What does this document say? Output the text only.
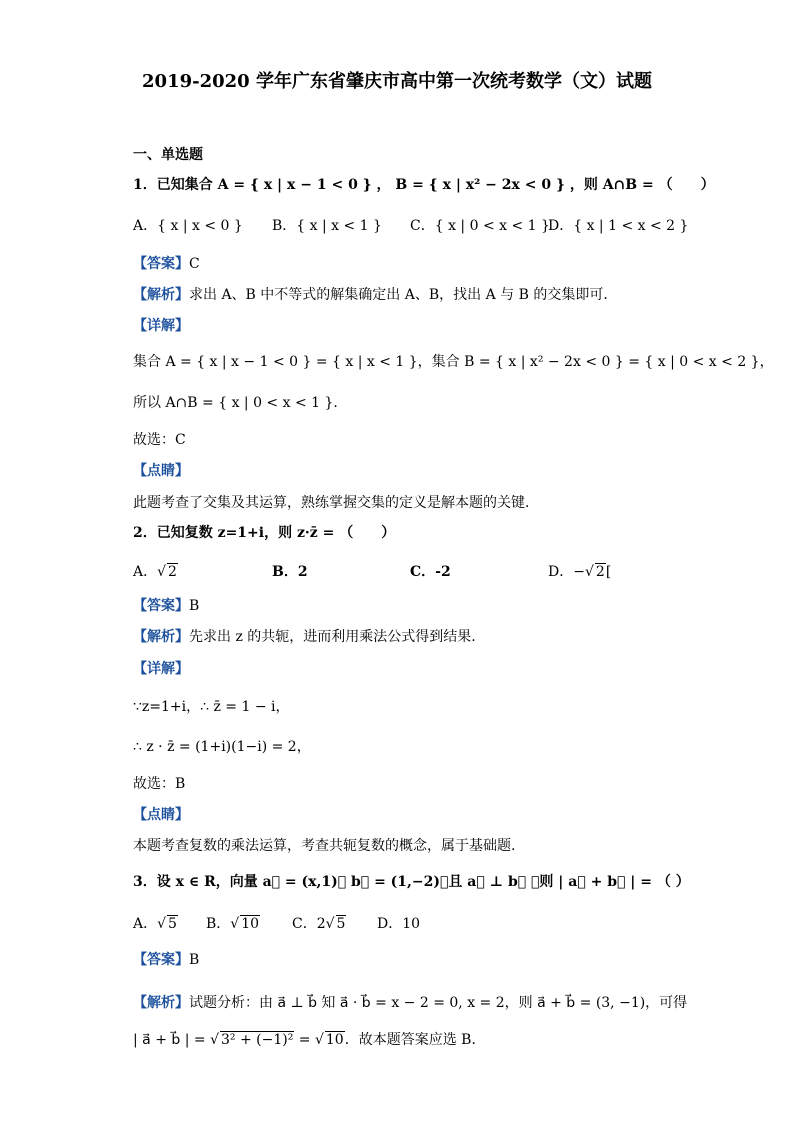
2019-2020 学年广东省肇庆市高中第一次统考数学（文）试题
一、单选题
1．已知集合 A = { x | x − 1 < 0 } ， B = { x | x² − 2x < 0 } ，则 A∩B = （　　）
A．{ x | x < 0 } B．{ x | x < 1 } C．{ x | 0 < x < 1 }
D．{ x | 1 < x < 2 }
【答案】C
【解析】求出 A、B 中不等式的解集确定出 A、B，找出 A 与 B 的交集即可．
【详解】
集合 A = { x | x − 1 < 0 } = { x | x < 1 }，集合 B = { x | x² − 2x < 0 } = { x | 0 < x < 2 }，
所以 A∩B = { x | 0 < x < 1 }.
故选：C
【点睛】
此题考查了交集及其运算，熟练掌握交集的定义是解本题的关键．
2．已知复数 z=1+i，则 z·z̄ = （　　）
A．√ 2	B．2	C．-2	D．−√ 2[
【答案】B
【解析】先求出 z 的共轭，进而利用乘法公式得到结果.
【详解】
∵z=1+i，∴ z̄ = 1 − i，
∴ z · z̄ = (1+i)(1−i) = 2，
故选：B
【点睛】
本题考查复数的乘法运算，考查共轭复数的概念，属于基础题.
3．设 x ∈ R，向量 a⃗ = (x,1)， b⃗ = (1,−2)，且 a⃗ ⊥ b⃗ ，则 | a⃗ + b⃗ | = （ ）
A．√ 5 B．√ 10 C．2√ 5 D．10
【答案】B
【解析】试题分析：由 a⃗ ⊥ b⃗ 知 a⃗ · b⃗ = x − 2 = 0, x = 2，则 a⃗ + b⃗ = (3, −1)，可得
| a⃗ + b⃗ | = √ 3² + (−1)² = √ 10．故本题答案应选 B．
